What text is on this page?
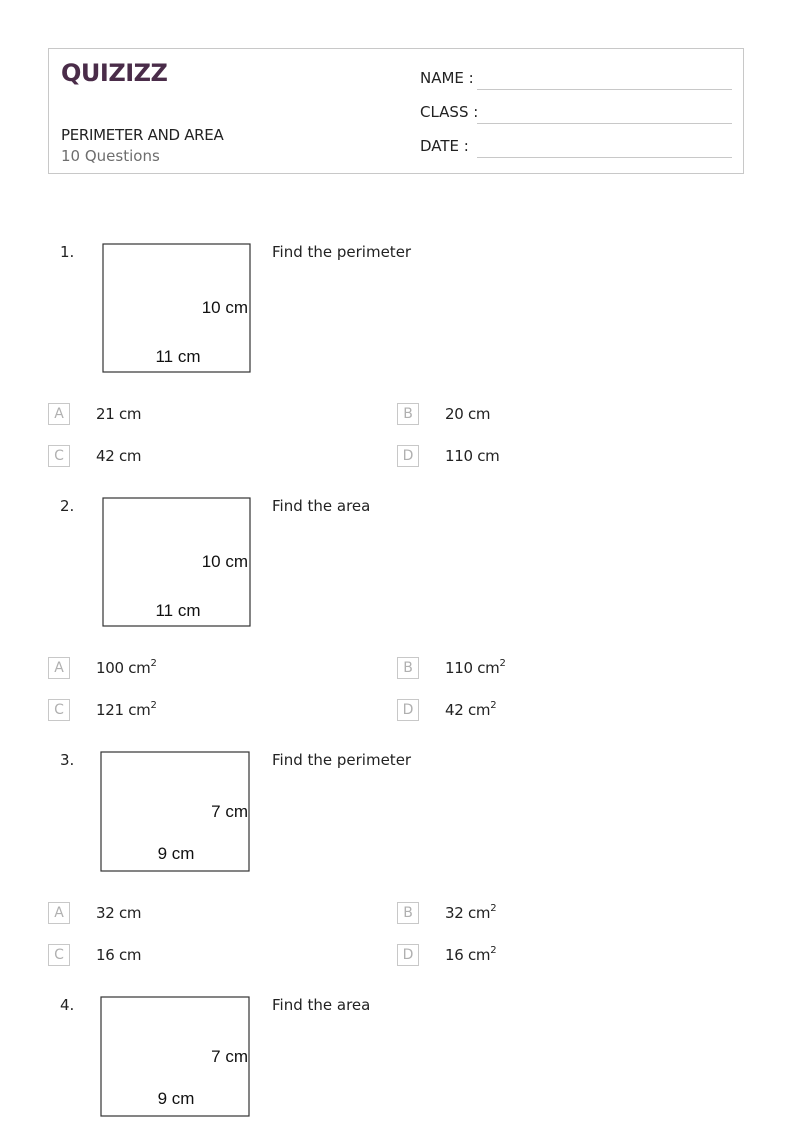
QUIZIZZ
PERIMETER AND AREA
10 Questions
NAME :
CLASS :
DATE :
1.
10 cm
11 cm
Find the perimeter
A	21 cm	B	20 cm
C	42 cm	D	110 cm
2.
10 cm
11 cm
Find the area
A	100 $cm^2$	B	110 $cm^2$
C	121 $cm^2$	D	42 $cm^2$
3.
7 cm
9 cm
Find the perimeter
A	32 cm	B	32 $cm^2$
C	16 cm	D	16 $cm^2$
4.
7 cm
9 cm
Find the area
